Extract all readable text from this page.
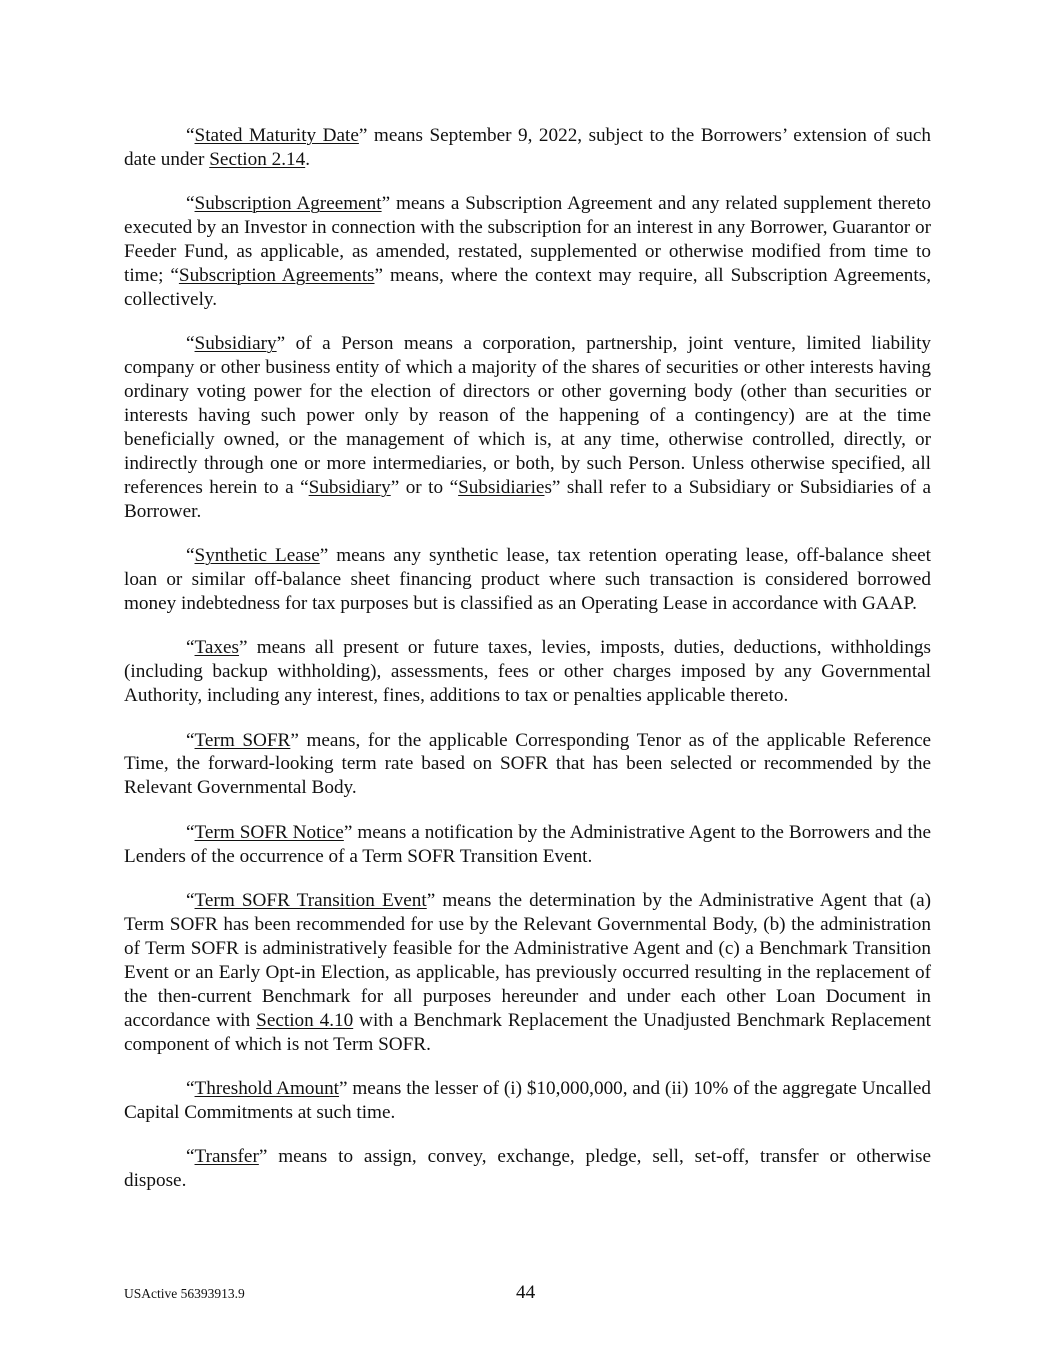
“Stated Maturity Date” means September 9, 2022, subject to the Borrowers’ extension of such date under Section 2.14.

“Subscription Agreement” means a Subscription Agreement and any related supplement thereto executed by an Investor in connection with the subscription for an interest in any Borrower, Guarantor or Feeder Fund, as applicable, as amended, restated, supplemented or otherwise modified from time to time; “Subscription Agreements” means, where the context may require, all Subscription Agreements, collectively.

“Subsidiary” of a Person means a corporation, partnership, joint venture, limited liability company or other business entity of which a majority of the shares of securities or other interests having ordinary voting power for the election of directors or other governing body (other than securities or interests having such power only by reason of the happening of a contingency) are at the time beneficially owned, or the management of which is, at any time, otherwise controlled, directly, or indirectly through one or more intermediaries, or both, by such Person. Unless otherwise specified, all references herein to a “Subsidiary” or to “Subsidiaries” shall refer to a Subsidiary or Subsidiaries of a Borrower.

“Synthetic Lease” means any synthetic lease, tax retention operating lease, off-balance sheet loan or similar off-balance sheet financing product where such transaction is considered borrowed money indebtedness for tax purposes but is classified as an Operating Lease in accordance with GAAP.

“Taxes” means all present or future taxes, levies, imposts, duties, deductions, withholdings (including backup withholding), assessments, fees or other charges imposed by any Governmental Authority, including any interest, fines, additions to tax or penalties applicable thereto.

“Term SOFR” means, for the applicable Corresponding Tenor as of the applicable Reference Time, the forward-looking term rate based on SOFR that has been selected or recommended by the Relevant Governmental Body.

“Term SOFR Notice” means a notification by the Administrative Agent to the Borrowers and the Lenders of the occurrence of a Term SOFR Transition Event.

“Term SOFR Transition Event” means the determination by the Administrative Agent that (a) Term SOFR has been recommended for use by the Relevant Governmental Body, (b) the administration of Term SOFR is administratively feasible for the Administrative Agent and (c) a Benchmark Transition Event or an Early Opt-in Election, as applicable, has previously occurred resulting in the replacement of the then-current Benchmark for all purposes hereunder and under each other Loan Document in accordance with Section 4.10 with a Benchmark Replacement the Unadjusted Benchmark Replacement component of which is not Term SOFR.

“Threshold Amount” means the lesser of (i) $10,000,000, and (ii) 10% of the aggregate Uncalled Capital Commitments at such time.

“Transfer” means to assign, convey, exchange, pledge, sell, set-off, transfer or otherwise dispose.

USActive 56393913.9	44
